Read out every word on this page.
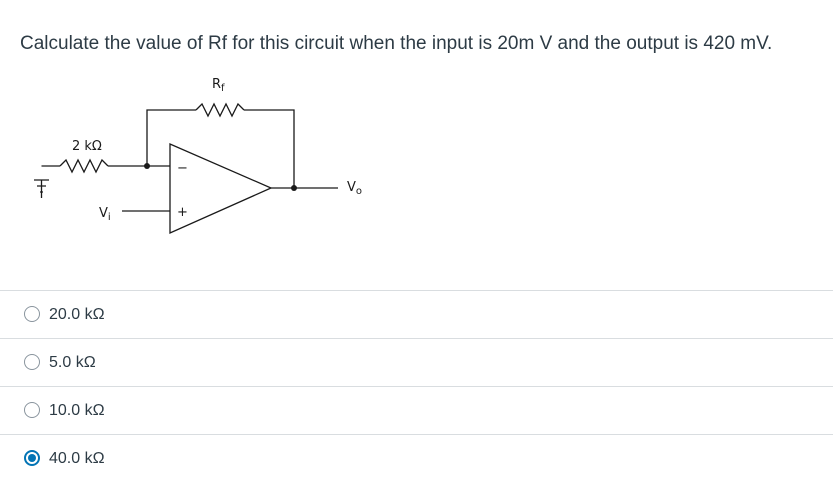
Calculate the value of Rf for this circuit when the input is 20m V and the output is 420 mV.
$R_f$
2 kΩ
$V_i$
$V_o$
−
+
20.0 kΩ
5.0 kΩ
10.0 kΩ
40.0 kΩ
